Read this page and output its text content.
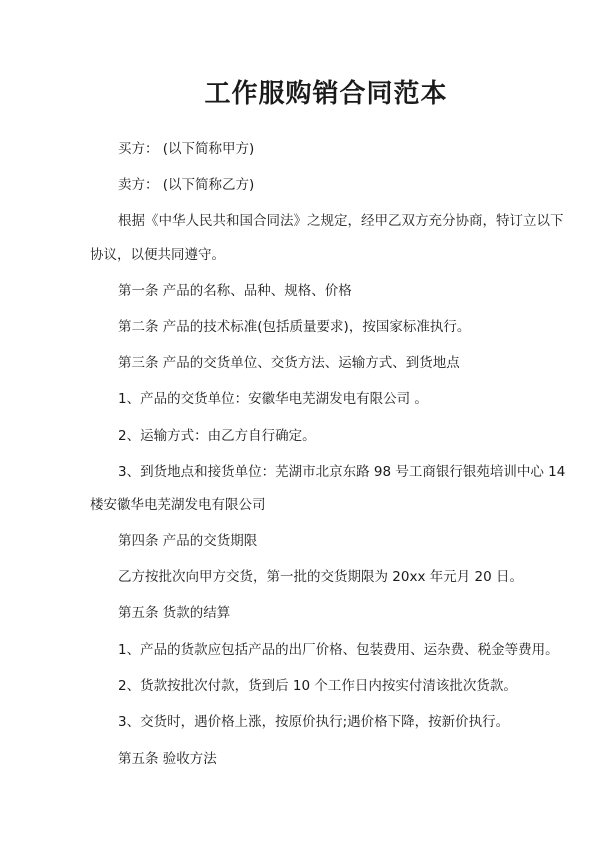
工作服购销合同范本

买方： (以下简称甲方)

卖方： (以下简称乙方)

根据《中华人民共和国合同法》之规定，经甲乙双方充分协商，特订立以下

协议，以便共同遵守。

第一条 产品的名称、品种、规格、价格

第二条 产品的技术标准(包括质量要求)，按国家标准执行。

第三条 产品的交货单位、交货方法、运输方式、到货地点

1、产品的交货单位：安徽华电芜湖发电有限公司 。

2、运输方式：由乙方自行确定。

3、到货地点和接货单位：芜湖市北京东路 98 号工商银行银苑培训中心 14

楼安徽华电芜湖发电有限公司

第四条 产品的交货期限

乙方按批次向甲方交货，第一批的交货期限为 20xx 年元月 20 日。

第五条 货款的结算

1、产品的货款应包括产品的出厂价格、包装费用、运杂费、税金等费用。

2、货款按批次付款，货到后 10 个工作日内按实付清该批次货款。

3、交货时，遇价格上涨，按原价执行;遇价格下降，按新价执行。

第五条 验收方法
